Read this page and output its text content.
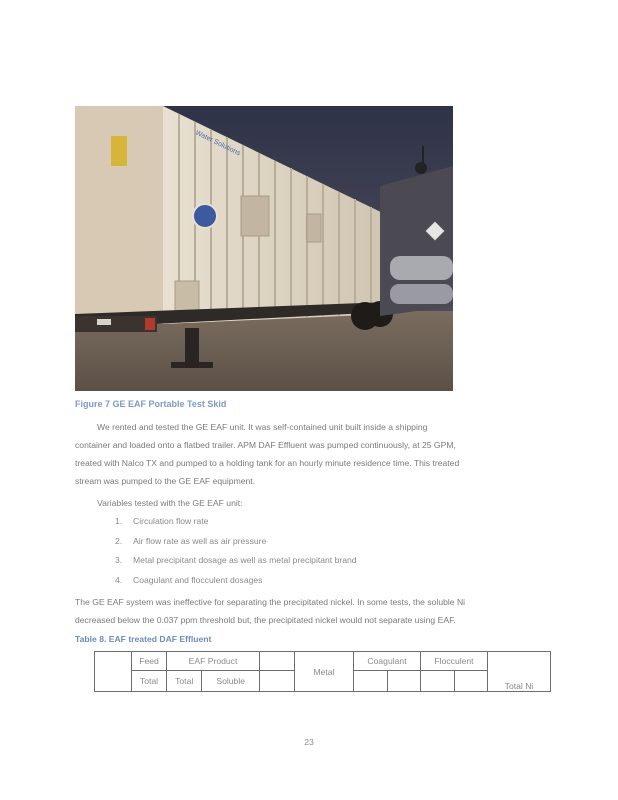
Water Solutions
Figure 7 GE EAF Portable Test Skid
We rented and tested the GE EAF unit. It was self-contained unit built inside a shipping
container and loaded onto a flatbed trailer. APM DAF Effluent was pumped continuously, at 25 GPM,
treated with Nalco TX and pumped to a holding tank for an hourly minute residence time. This treated
stream was pumped to the GE EAF equipment.
Variables tested with the GE EAF unit:
1. Circulation flow rate
2. Air flow rate as well as air pressure
3. Metal precipitant dosage as well as metal precipitant brand
4. Coagulant and flocculent dosages
The GE EAF system was ineffective for separating the precipitated nickel. In some tests, the soluble Ni
decreased below the 0.037 ppm threshold but, the precipitated nickel would not separate using EAF.
Table 8. EAF treated DAF Effluent
	Feed	EAF Product			Metal	Coagulant		Flocculent		Total Ni
	Total	Total	Soluble							
23
